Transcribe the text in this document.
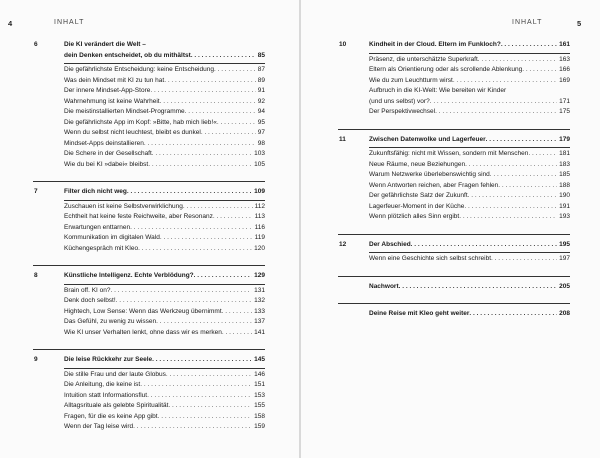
4	INHALT
6	Die KI verändert die Welt –
dein Denken entscheidet, ob du mithältst . . .	85
Die gefährlichste Entscheidung: keine Entscheidung . . .	87
Was dein Mindset mit KI zu tun hat . . .	89
Der innere Mindset-App-Store . . .	91
Wahrnehmung ist keine Wahrheit . . .	92
Die meistinstallierten Mindset-Programme . . .	94
Die gefährlichste App im Kopf: »Bitte, hab mich lieb!« . . .	95
Wenn du selbst nicht leuchtest, bleibt es dunkel . . .	97
Mindset-Apps deinstallieren . . .	98
Die Schere in der Gesellschaft . . .	103
Wie du bei KI »dabei« bleibst . . .	105
7	Filter dich nicht weg . . .	109
Zuschauen ist keine Selbstverwirklichung . . .	112
Echtheit hat keine feste Reichweite, aber Resonanz . . .	113
Erwartungen enttarnen . . .	116
Kommunikation im digitalen Wald . . .	119
Küchengespräch mit Kleo . . .	120
8	Künstliche Intelligenz. Echte Verblödung? . . .	129
Brain off. KI on? . . .	131
Denk doch selbst! . . .	132
Hightech, Low Sense: Wenn das Werkzeug übernimmt . . .	133
Das Gefühl, zu wenig zu wissen . . .	137
Wie KI unser Verhalten lenkt, ohne dass wir es merken . . .	141
9	Die leise Rückkehr zur Seele . . .	145
Die stille Frau und der laute Globus . . .	146
Die Anleitung, die keine ist . . .	151
Intuition statt Informationsflut . . .	153
Alltagsrituale als gelebte Spiritualität . . .	155
Fragen, für die es keine App gibt . . .	158
Wenn der Tag leise wird . . .	159
INHALT	5
10	Kindheit in der Cloud. Eltern im Funkloch? . . .	161
Präsenz, die unterschätzte Superkraft . . .	163
Eltern als Orientierung oder als scrollende Ablenkung . . .	166
Wie du zum Leuchtturm wirst . . .	169
Aufbruch in die KI-Welt: Wie bereiten wir Kinder
(und uns selbst) vor? . . .	171
Der Perspektivwechsel . . .	175
11	Zwischen Datenwolke und Lagerfeuer . . .	179
Zukunftsfähig: nicht mit Wissen, sondern mit Menschen . . .	181
Neue Räume, neue Beziehungen . . .	183
Warum Netzwerke überlebenswichtig sind . . .	185
Wenn Antworten reichen, aber Fragen fehlen . . .	188
Der gefährlichste Satz der Zukunft . . .	190
Lagerfeuer-Moment in der Küche . . .	191
Wenn plötzlich alles Sinn ergibt . . .	193
12	Der Abschied . . .	195
Wenn eine Geschichte sich selbst schreibt . . .	197
Nachwort . . .	205
Deine Reise mit Kleo geht weiter . . .	208
